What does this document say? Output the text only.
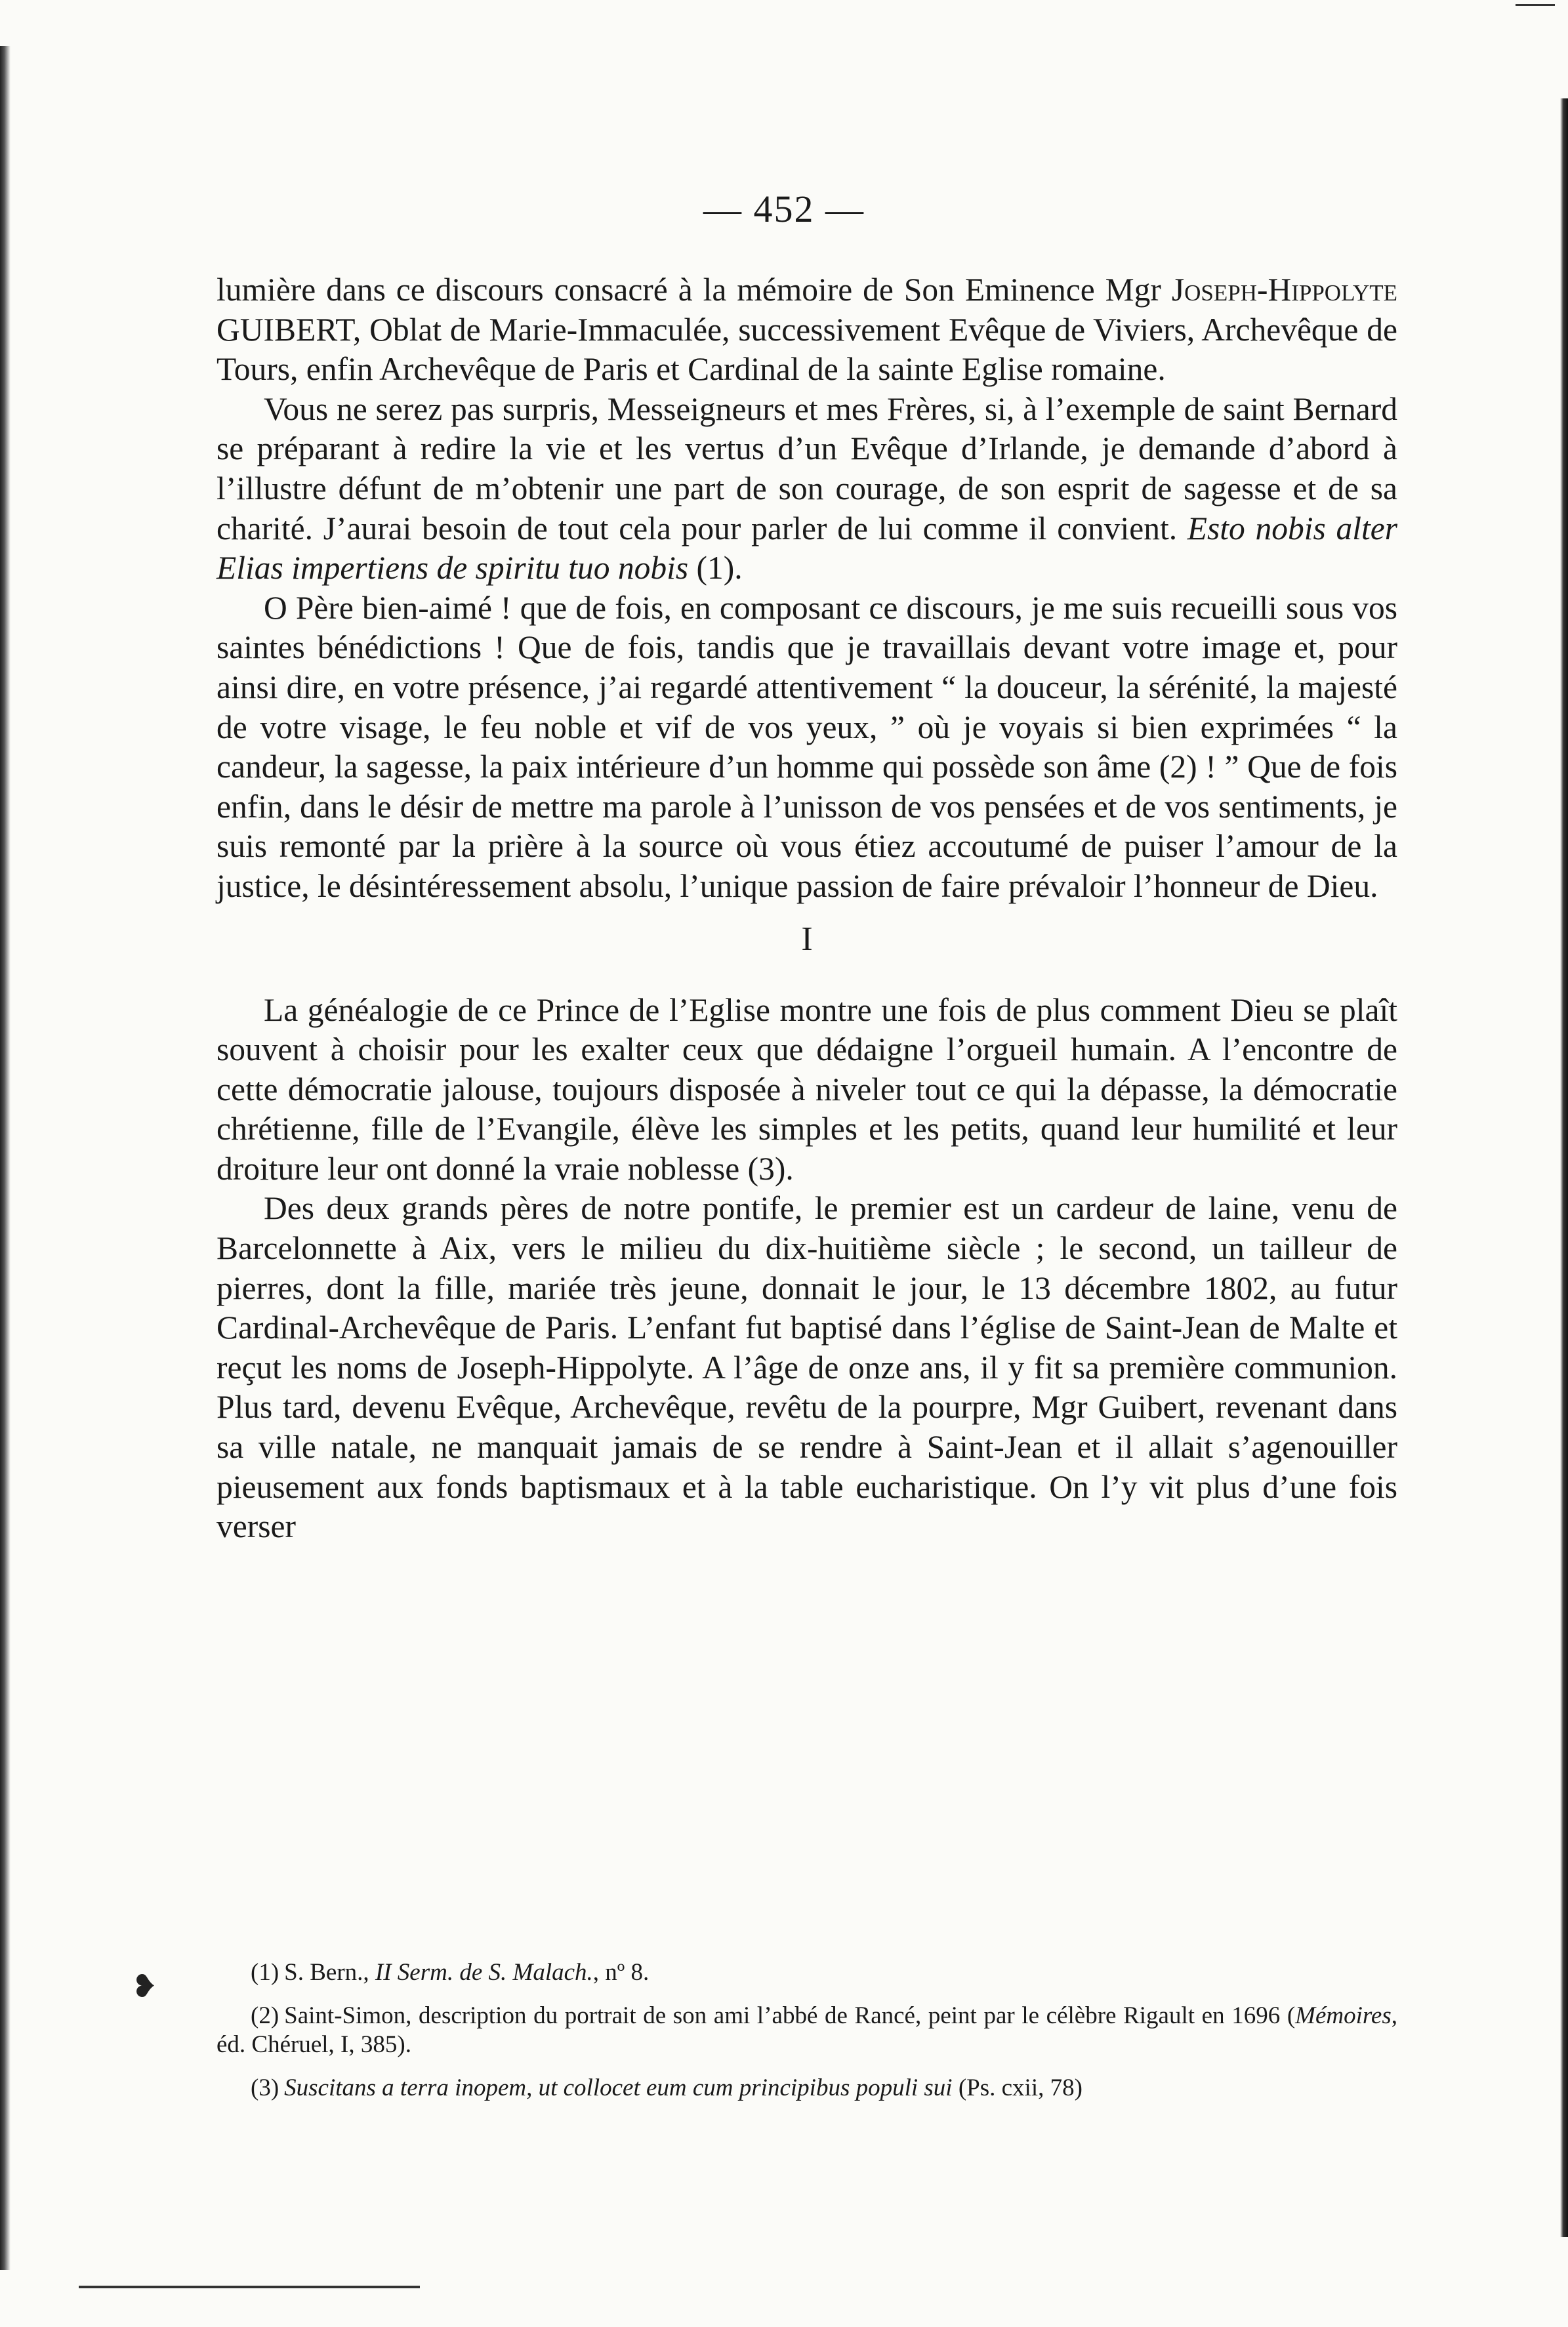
❥
— 452 —

lumière dans ce discours consacré à la mémoire de Son Eminence Mgr Joseph-Hippolyte GUIBERT, Oblat de Marie-Immaculée, successivement Evêque de Viviers, Archevêque de Tours, enfin Archevêque de Paris et Cardinal de la sainte Eglise romaine.

Vous ne serez pas surpris, Messeigneurs et mes Frères, si, à l’exemple de saint Bernard se préparant à redire la vie et les vertus d’un Evêque d’Irlande, je demande d’abord à l’illustre défunt de m’obtenir une part de son courage, de son esprit de sagesse et de sa charité. J’aurai besoin de tout cela pour parler de lui comme il convient. Esto nobis alter Elias impertiens de spiritu tuo nobis (1).

O Père bien-aimé ! que de fois, en composant ce discours, je me suis recueilli sous vos saintes bénédictions ! Que de fois, tandis que je travaillais devant votre image et, pour ainsi dire, en votre présence, j’ai regardé attentivement “ la douceur, la sérénité, la majesté de votre visage, le feu noble et vif de vos yeux, ” où je voyais si bien exprimées “ la candeur, la sagesse, la paix intérieure d’un homme qui possède son âme (2) ! ” Que de fois enfin, dans le désir de mettre ma parole à l’unisson de vos pensées et de vos sentiments, je suis remonté par la prière à la source où vous étiez accoutumé de puiser l’amour de la justice, le désintéressement absolu, l’unique passion de faire prévaloir l’honneur de Dieu.

I

La généalogie de ce Prince de l’Eglise montre une fois de plus comment Dieu se plaît souvent à choisir pour les exalter ceux que dédaigne l’orgueil humain. A l’encontre de cette démocratie jalouse, toujours disposée à niveler tout ce qui la dépasse, la démocratie chrétienne, fille de l’Evangile, élève les simples et les petits, quand leur humilité et leur droiture leur ont donné la vraie noblesse (3).

Des deux grands pères de notre pontife, le premier est un cardeur de laine, venu de Barcelonnette à Aix, vers le milieu du dix-huitième siècle ; le second, un tailleur de pierres, dont la fille, mariée très jeune, donnait le jour, le 13 décembre 1802, au futur Cardinal-Archevêque de Paris. L’enfant fut baptisé dans l’église de Saint-Jean de Malte et reçut les noms de Joseph-Hippolyte. A l’âge de onze ans, il y fit sa première communion. Plus tard, devenu Evêque, Archevêque, revêtu de la pourpre, Mgr Guibert, revenant dans sa ville natale, ne manquait jamais de se rendre à Saint-Jean et il allait s’agenouiller pieusement aux fonds baptismaux et à la table eucharistique. On l’y vit plus d’une fois verser

(1) S. Bern., II Serm. de S. Malach., nº 8.

(2) Saint-Simon, description du portrait de son ami l’abbé de Rancé, peint par le célèbre Rigault en 1696 (Mémoires, éd. Chéruel, I, 385).

(3) Suscitans a terra inopem, ut collocet eum cum principibus populi sui (Ps. cxii, 78)
